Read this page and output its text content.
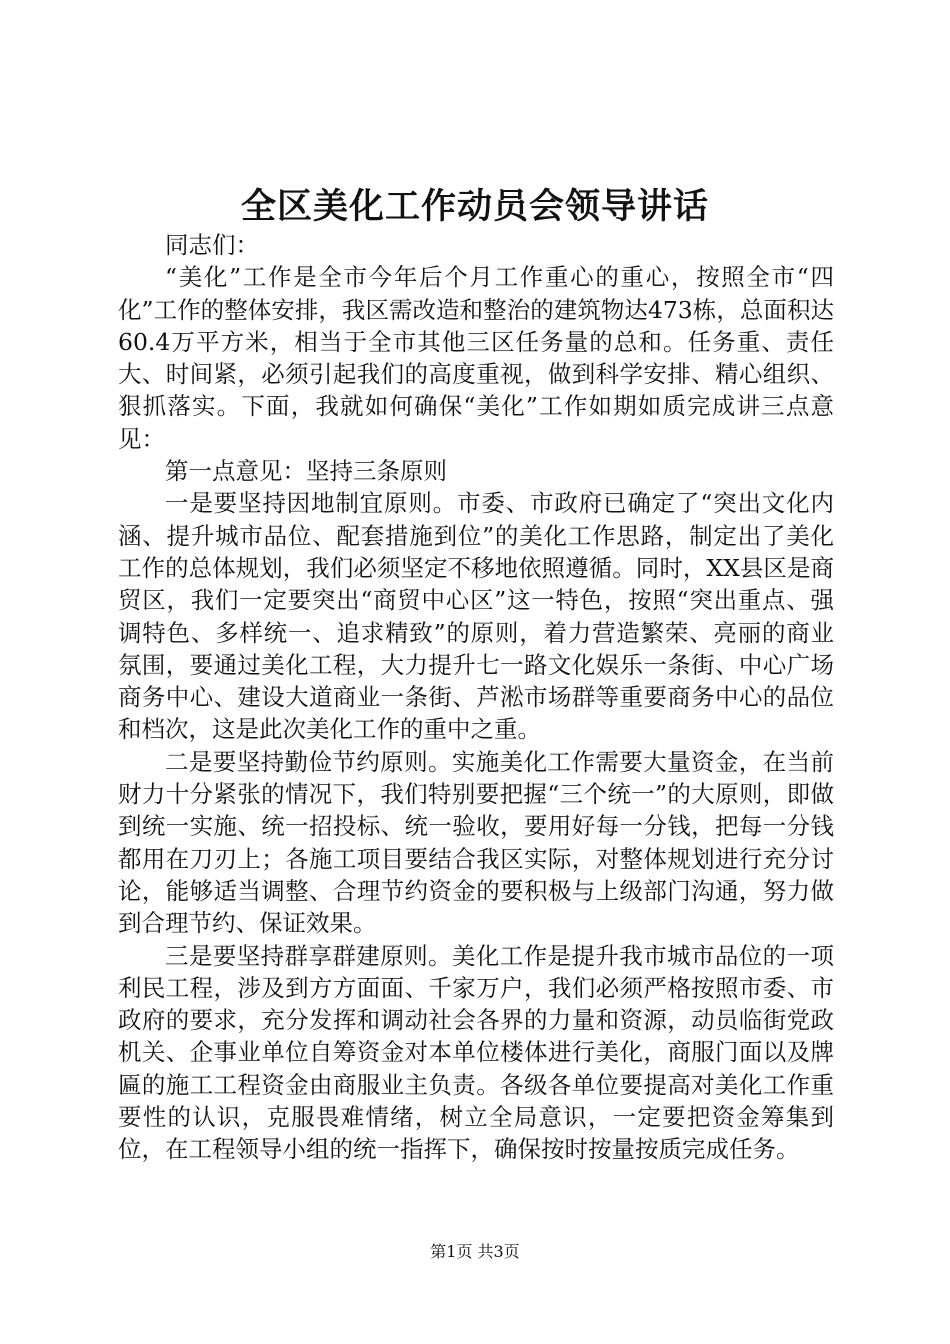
全区美化工作动员会领导讲话

同志们：

“美化”工作是全市今年后个月工作重心的重心，按照全市“四化”工作的整体安排，我区需改造和整治的建筑物达473栋，总面积达60.4万平方米，相当于全市其他三区任务量的总和。任务重、责任大、时间紧，必须引起我们的高度重视，做到科学安排、精心组织、狠抓落实。下面，我就如何确保“美化”工作如期如质完成讲三点意见：

第一点意见：坚持三条原则

一是要坚持因地制宜原则。市委、市政府已确定了“突出文化内涵、提升城市品位、配套措施到位”的美化工作思路，制定出了美化工作的总体规划，我们必须坚定不移地依照遵循。同时，XX县区是商贸区，我们一定要突出“商贸中心区”这一特色，按照“突出重点、强调特色、多样统一、追求精致”的原则，着力营造繁荣、亮丽的商业氛围，要通过美化工程，大力提升七一路文化娱乐一条街、中心广场商务中心、建设大道商业一条街、芦淞市场群等重要商务中心的品位和档次，这是此次美化工作的重中之重。

二是要坚持勤俭节约原则。实施美化工作需要大量资金，在当前财力十分紧张的情况下，我们特别要把握“三个统一”的大原则，即做到统一实施、统一招投标、统一验收，要用好每一分钱，把每一分钱都用在刀刃上；各施工项目要结合我区实际，对整体规划进行充分讨论，能够适当调整、合理节约资金的要积极与上级部门沟通，努力做到合理节约、保证效果。

三是要坚持群享群建原则。美化工作是提升我市城市品位的一项利民工程，涉及到方方面面、千家万户，我们必须严格按照市委、市政府的要求，充分发挥和调动社会各界的力量和资源，动员临街党政机关、企事业单位自筹资金对本单位楼体进行美化，商服门面以及牌匾的施工工程资金由商服业主负责。各级各单位要提高对美化工作重要性的认识，克服畏难情绪，树立全局意识，一定要把资金筹集到位，在工程领导小组的统一指挥下，确保按时按量按质完成任务。

第1页 共3页
